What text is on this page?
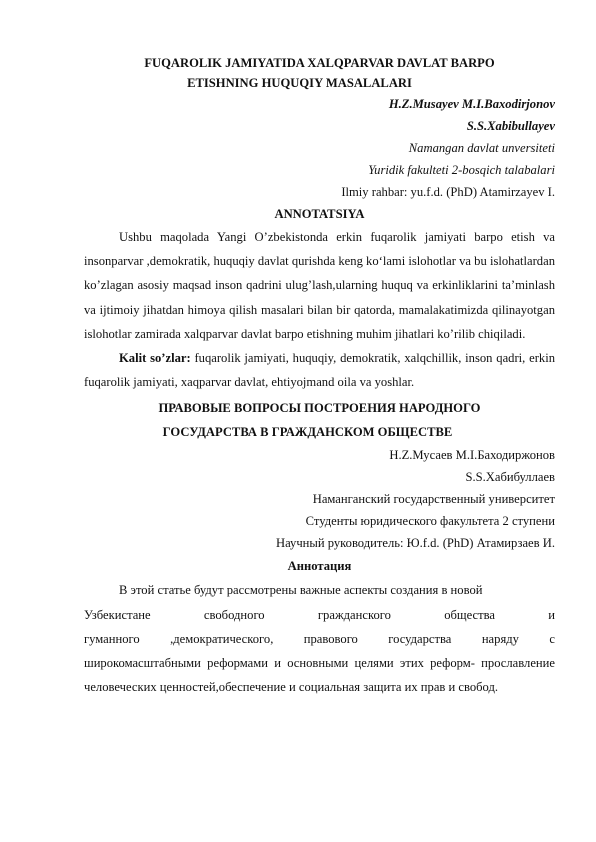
FUQAROLIK JAMIYATIDA XALQPARVAR DAVLAT BARPO
ETISHNING HUQUQIY MASALALARI
H.Z.Musayev M.I.Baxodirjonov
S.S.Xabibullayev
Namangan davlat unversiteti
Yuridik fakulteti 2-bosqich talabalari
Ilmiy rahbar: yu.f.d. (PhD) Atamirzayev I.
ANNOTATSIYA

Ushbu maqolada Yangi O’zbekistonda erkin fuqarolik jamiyati barpo etish va insonparvar ,demokratik, huquqiy davlat qurishda keng ko‘lami islohotlar va bu islohatlardan ko’zlagan asosiy maqsad inson qadrini ulug’lash,ularning huquq va erkinliklarini ta’minlash va ijtimoiy jihatdan himoya qilish masalari bilan bir qatorda, mamalakatimizda qilinayotgan islohotlar zamirada xalqparvar davlat barpo etishning muhim jihatlari ko’rilib chiqiladi.

Kalit so’zlar: fuqarolik jamiyati, huquqiy, demokratik, xalqchillik, inson qadri, erkin fuqarolik jamiyati, xaqparvar davlat, ehtiyojmand oila va yoshlar.

ПРАВОВЫЕ ВОПРОСЫ ПОСТРОЕНИЯ НАРОДНОГО
ГОСУДАРСТВА В ГРАЖДАНСКОМ ОБЩЕСТВЕ
H.Z.Мусаев М.I.Баходиржонов
S.S.Хабибуллаев
Наманганский государственный университет
Студенты юридического факультета 2 ступени
Научный руководитель: Ю.f.d. (PhD) Атамирзаев И.
Аннотация

В этой статье будут рассмотрены важные аспекты создания в новой

Узбекистане	свободного	гражданского	общества	и
гуманного ,демократического, правового государства наряду с

широкомасштабными реформами и основными целями этих реформ- прославление человеческих ценностей,обеспечение и социальная защита их прав и свобод.
